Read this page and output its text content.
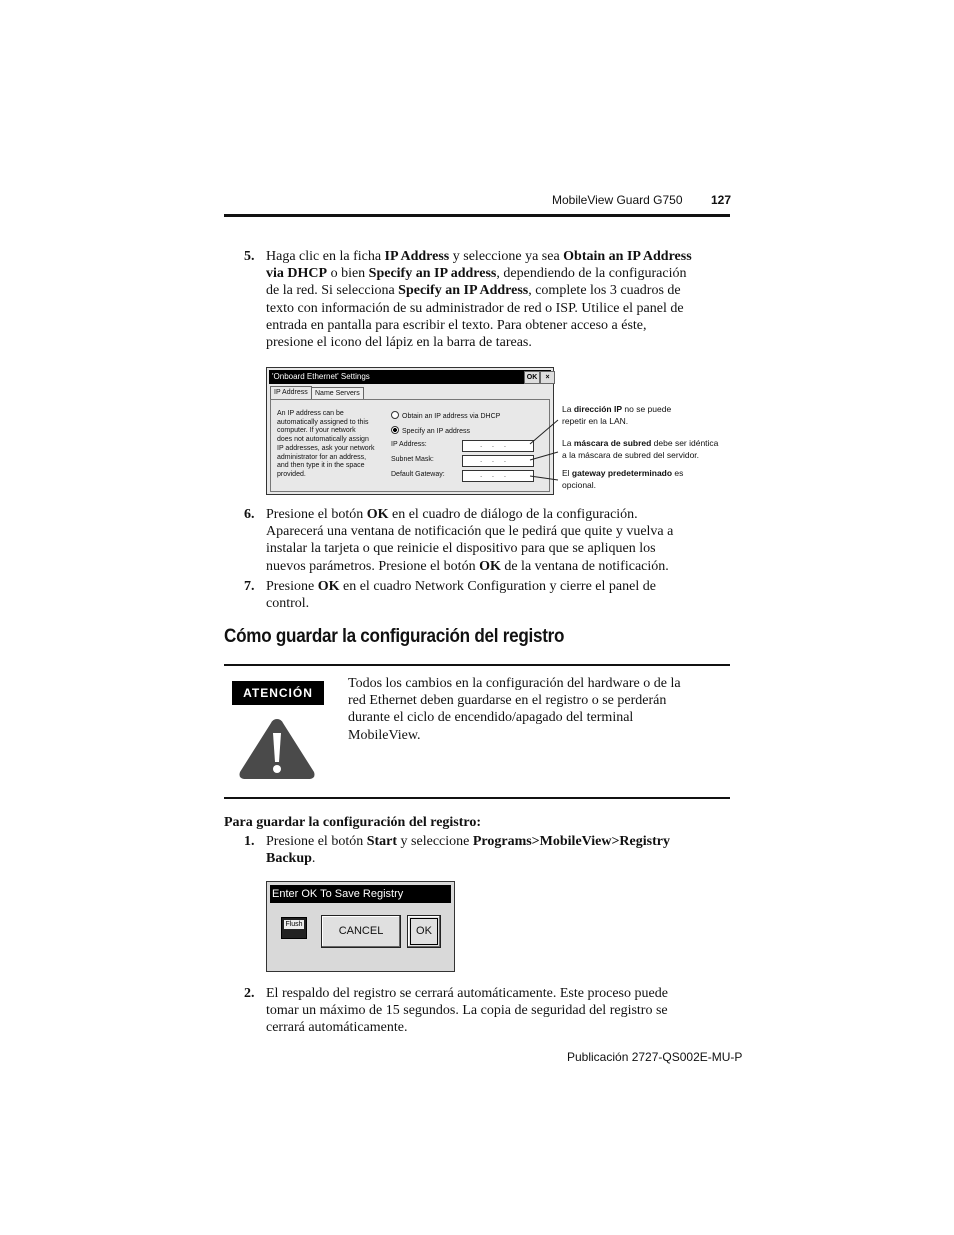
MobileView Guard G750 127
5. Haga clic en la ficha IP Address y seleccione ya sea Obtain an IP Address
via DHCP o bien Specify an IP address, dependiendo de la configuración
de la red. Si selecciona Specify an IP Address, complete los 3 cuadros de
texto con información de su administrador de red o ISP. Utilice el panel de
entrada en pantalla para escribir el texto. Para obtener acceso a éste,
presione el icono del lápiz en la barra de tareas.
6. Presione el botón OK en el cuadro de diálogo de la configuración.
Aparecerá una ventana de notificación que le pedirá que quite y vuelva a
instalar la tarjeta o que reinicie el dispositivo para que se apliquen los
nuevos parámetros. Presione el botón OK de la ventana de notificación.
7. Presione OK en el cuadro Network Configuration y cierre el panel de
control.
'Onboard Ethernet' Settings	OK	×
IP Address	Name Servers
An IP address can be
automatically assigned to this
computer. If your network
does not automatically assign
IP addresses, ask your network
administrator for an address,
and then type it in the space
provided.
Obtain an IP address via DHCP
Specify an IP address
IP Address:	...
Subnet Mask:	...
Default Gateway:	...
La dirección IP no se puede
repetir en la LAN.
La máscara de subred debe ser idéntica
a la máscara de subred del servidor.
El gateway predeterminado es
opcional.
Cómo guardar la configuración del registro
ATENCIÓN
Todos los cambios en la configuración del hardware o de la
red Ethernet deben guardarse en el registro o se perderán
durante el ciclo de encendido/apagado del terminal
MobileView.
Para guardar la configuración del registro:
1. Presione el botón Start y seleccione Programs>MobileView>Registry
Backup.
Enter OK To Save Registry
Flush
CANCEL	OK
2. El respaldo del registro se cerrará automáticamente. Este proceso puede
tomar un máximo de 15 segundos. La copia de seguridad del registro se
cerrará automáticamente.
Publicación 2727-QS002E-MU-P
